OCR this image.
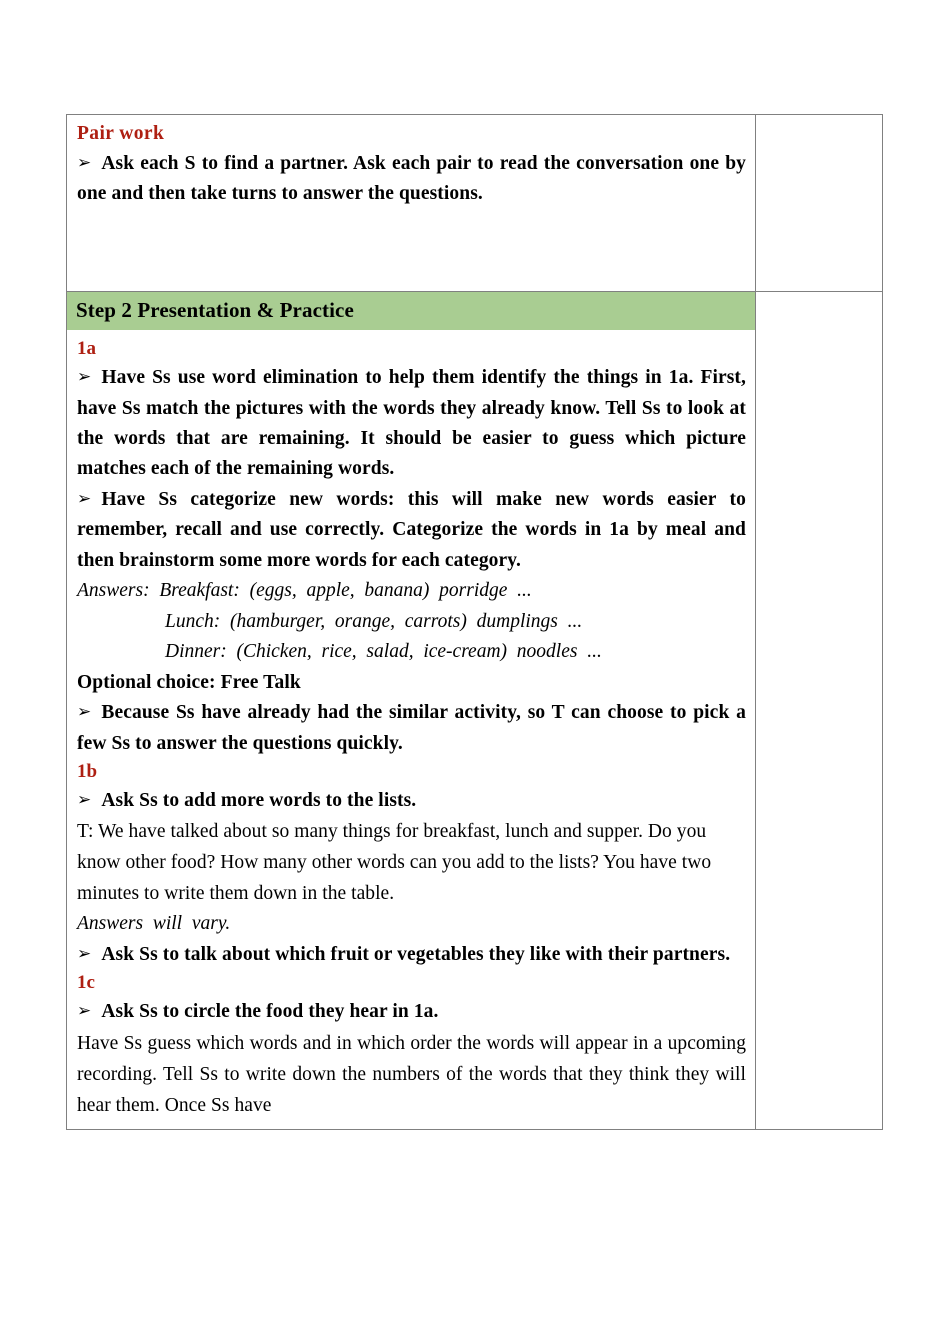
Pair work

➢ Ask each S to find a partner. Ask each pair to read the conversation one by one and then take turns to answer the questions.	

Step 2 Presentation & Practice

1a

➢ Have Ss use word elimination to help them identify the things in 1a. First, have Ss match the pictures with the words they already know. Tell Ss to look at the words that are remaining. It should be easier to guess which picture matches each of the remaining words.

➢ Have Ss categorize new words: this will make new words easier to remember, recall and use correctly. Categorize the words in 1a by meal and then brainstorm some more words for each category.

Answers:  Breakfast:  (eggs,  apple,  banana)  porridge  ...

Lunch:  (hamburger,  orange,  carrots)  dumplings  ...

Dinner:  (Chicken,  rice,  salad,  ice-cream)  noodles  ...

Optional choice: Free Talk

➢ Because Ss have already had the similar activity, so T can choose to pick a few Ss to answer the questions quickly.

1b

➢ Ask Ss to add more words to the lists.

T: We have talked about so many things for breakfast, lunch and supper. Do you know other food? How many other words can you add to the lists? You have two minutes to write them down in the table.

Answers  will  vary.

➢ Ask Ss to talk about which fruit or vegetables they like with their partners.

1c

➢ Ask Ss to circle the food they hear in 1a.

Have Ss guess which words and in which order the words will appear in a upcoming recording. Tell Ss to write down the numbers of the words that they think they will hear them. Once Ss have
